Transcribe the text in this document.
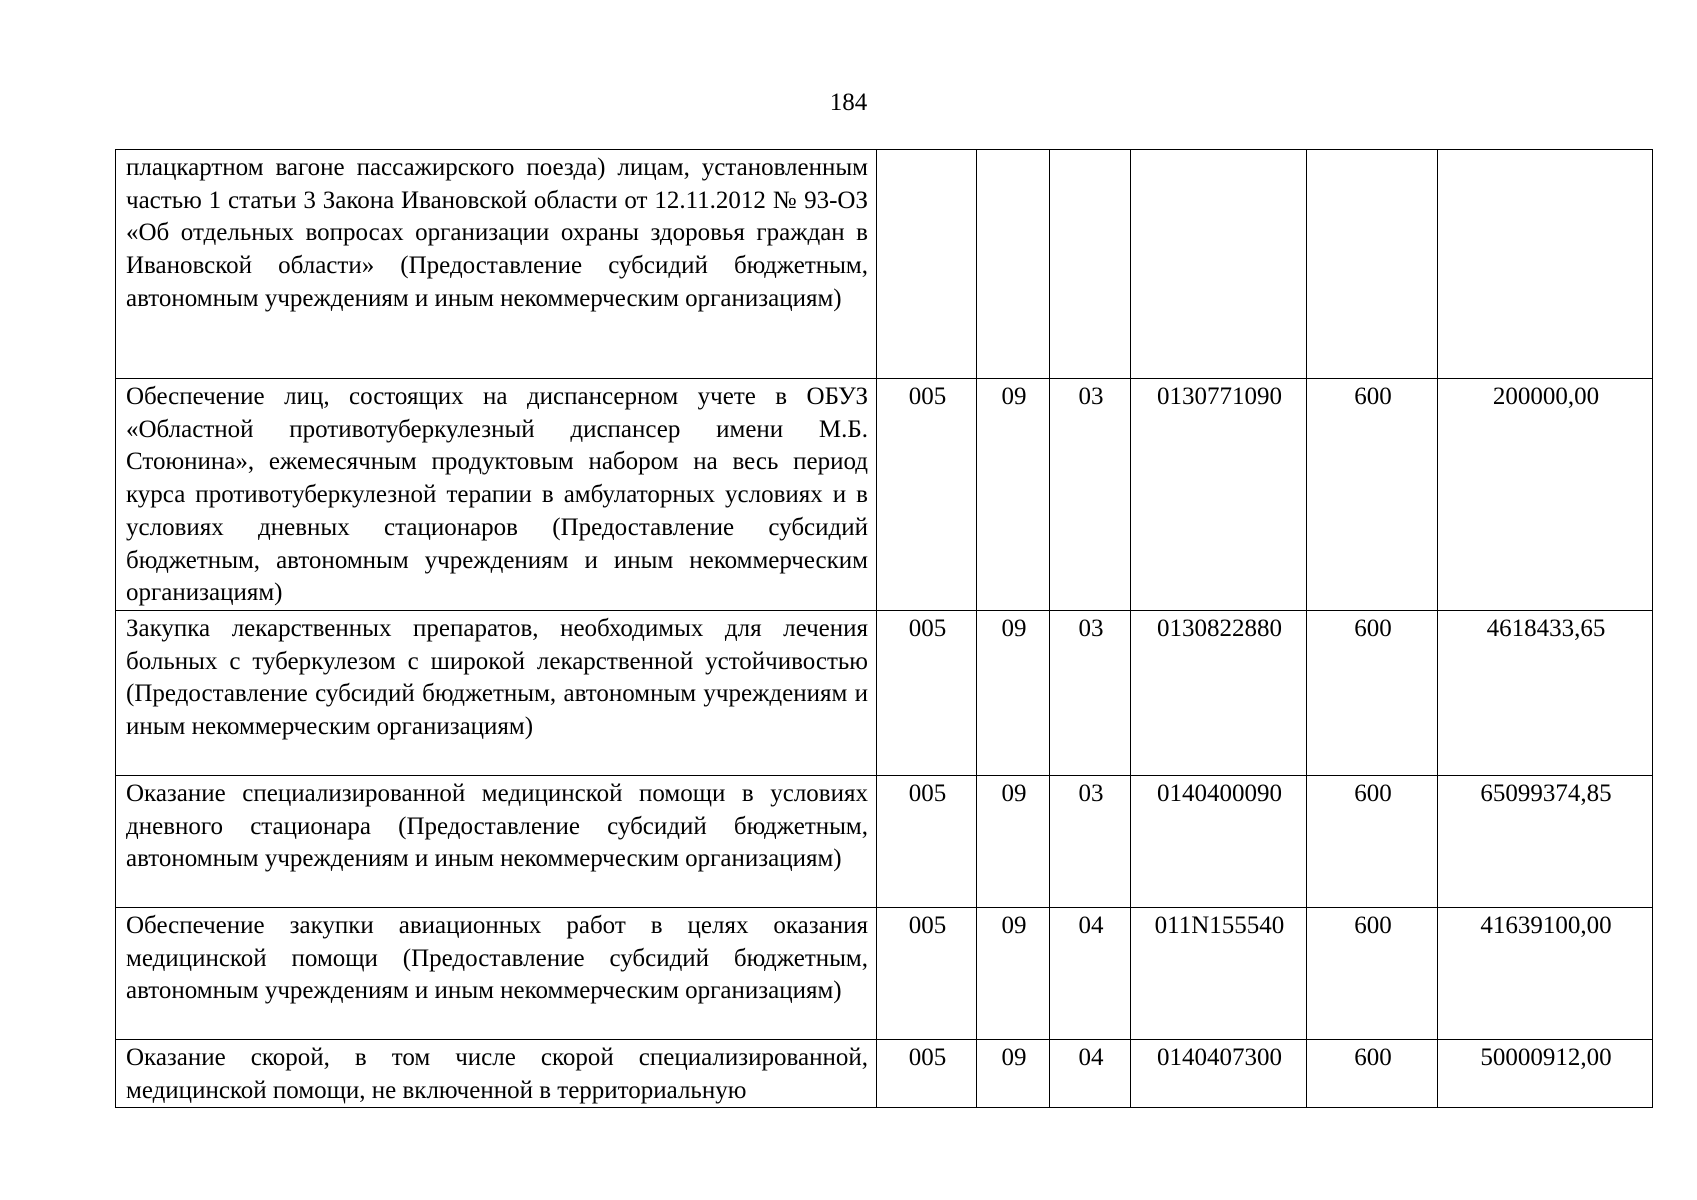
184
плацкартном вагоне пассажирского поезда) лицам, установленным частью 1 статьи 3 Закона Ивановской области от 12.11.2012 № 93-ОЗ «Об отдельных вопросах организации охраны здоровья граждан в Ивановской области» (Предоставление субсидий бюджетным, автономным учреждениям и иным некоммерческим организациям)						
Обеспечение лиц, состоящих на диспансерном учете в ОБУЗ «Областной противотуберкулезный диспансер имени М.Б. Стоюнина», ежемесячным продуктовым набором на весь период курса противотуберкулезной терапии в амбулаторных условиях и в условиях дневных стационаров (Предоставление субсидий бюджетным, автономным учреждениям и иным некоммерческим организациям)	005	09	03	0130771090	600	200000,00
Закупка лекарственных препаратов, необходимых для лечения больных с туберкулезом с широкой лекарственной устойчивостью (Предоставление субсидий бюджетным, автономным учреждениям и иным некоммерческим организациям)	005	09	03	0130822880	600	4618433,65
Оказание специализированной медицинской помощи в условиях дневного стационара (Предоставление субсидий бюджетным, автономным учреждениям и иным некоммерческим организациям)	005	09	03	0140400090	600	65099374,85
Обеспечение закупки авиационных работ в целях оказания медицинской помощи (Предоставление субсидий бюджетным, автономным учреждениям и иным некоммерческим организациям)	005	09	04	011N155540	600	41639100,00
Оказание скорой, в том числе скорой специализированной, медицинской помощи, не включенной в территориальную	005	09	04	0140407300	600	50000912,00
